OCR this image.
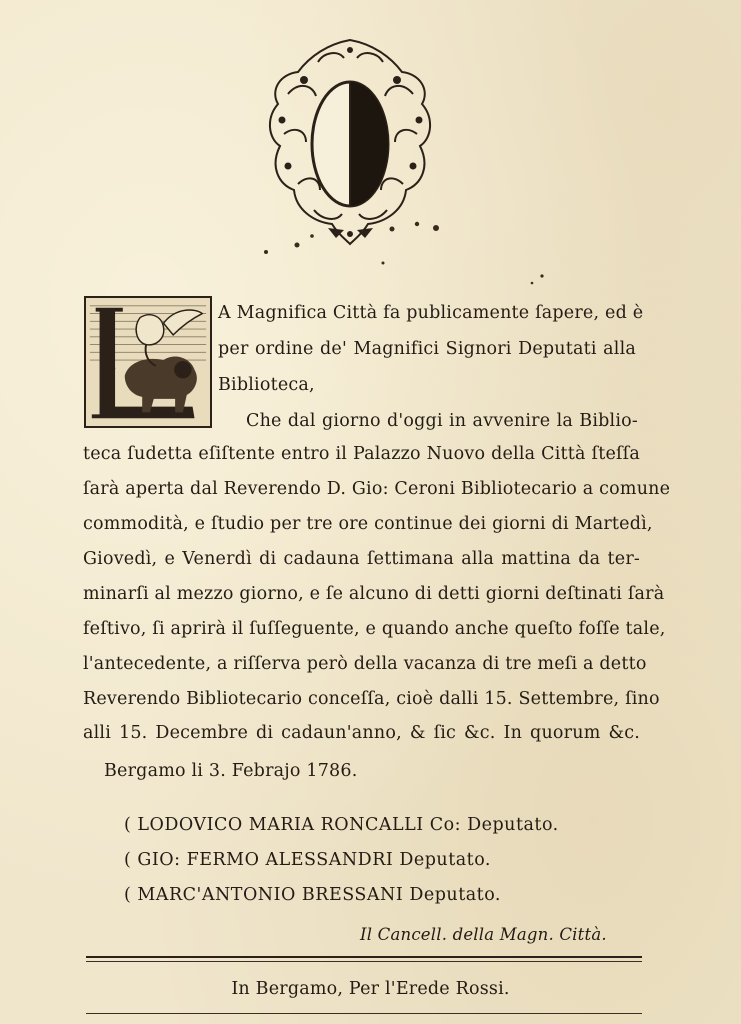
A Magnifica Città fa publicamente ſapere, ed è
per ordine de' Magnifici Signori Deputati alla
Biblioteca,
Che dal giorno d'oggi in avvenire la Biblio-
teca ſudetta eſiſtente entro il Palazzo Nuovo della Città ſteſſa
ſarà aperta dal Reverendo D. Gio: Ceroni Bibliotecario a comune
commodità, e ſtudio per tre ore continue dei giorni di Martedì,
Giovedì, e Venerdì di cadauna ſettimana alla mattina da ter-
minarſi al mezzo giorno, e ſe alcuno di detti giorni deſtinati ſarà
feſtivo, ſi aprirà il ſuſſeguente, e quando anche queſto foſſe tale,
l'antecedente, a riſſerva però della vacanza di tre meſi a detto
Reverendo Bibliotecario conceſſa, cioè dalli 15. Settembre, ſino
alli 15. Decembre di cadaun'anno, & ſic &c. In quorum &c.
Bergamo li 3. Febrajo 1786.
( LODOVICO MARIA RONCALLI Co: Deputato.
( GIO: FERMO ALESSANDRI Deputato.
( MARC'ANTONIO BRESSANI Deputato.
Il Cancell. della Magn. Città.
In Bergamo, Per l'Erede Rossi.
